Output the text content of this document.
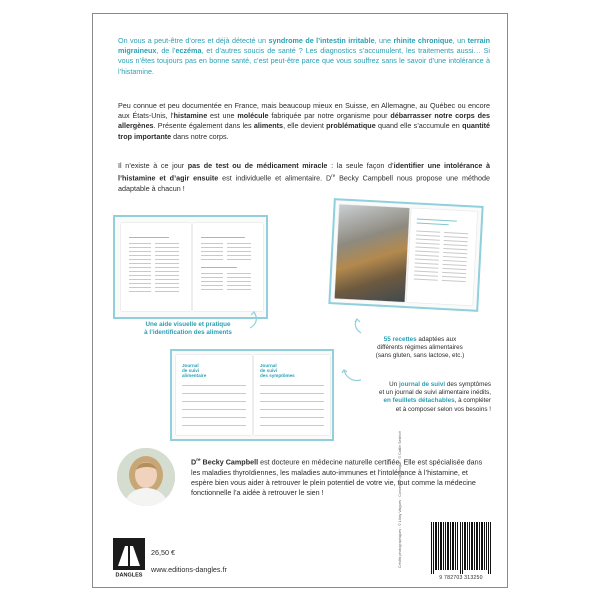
On vous a peut-être d’ores et déjà détecté un syndrome de l’intestin irritable, une rhinite chronique, un terrain migraineux, de l’eczéma, et d’autres soucis de santé ? Les diagnostics s’accumulent, les traitements aussi… Si vous n’êtes toujours pas en bonne santé, c’est peut-être parce que vous souffrez sans le savoir d’une intolérance à l’histamine.

Peu connue et peu documentée en France, mais beaucoup mieux en Suisse, en Allemagne, au Québec ou encore aux États-Unis, l’histamine est une molécule fabriquée par notre organisme pour débarrasser notre corps des allergènes. Présente également dans les aliments, elle devient problématique quand elle s’accumule en quantité trop importante dans notre corps.

Il n’existe à ce jour pas de test ou de médicament miracle : la seule façon d’identifier une intolérance à l’histamine et d’agir ensuite est individuelle et alimentaire. Dre Becky Campbell nous propose une méthode adaptable à chacun !

Une aide visuelle et pratique
à l’identification des aliments
55 recettes adaptées aux
différents régimes alimentaires
(sans gluten, sans lactose, etc.)
Journal
de suivi
alimentaire
Journal
de suivi
des symptômes
Un journal de suivi des symptômes
et un journal de suivi alimentaire inédits,
en feuillets détachables, à compléter
et à composer selon vos besoins !

Dre Becky Campbell est docteure en médecine naturelle certifiée. Elle est spécialisée dans les maladies thyroïdiennes, les maladies auto-immunes et l’intolérance à l’histamine, et espère bien vous aider à retrouver le plein potentiel de votre vie, tout comme la médecine fonctionnelle l’a aidée à retrouver le sien !

DANGLES
26,50 €
www.editions-dangles.fr
Crédits photographiques : © Libby Vaigues · Conception graphique : © Caitlin Sestrich
9 782703 313250
